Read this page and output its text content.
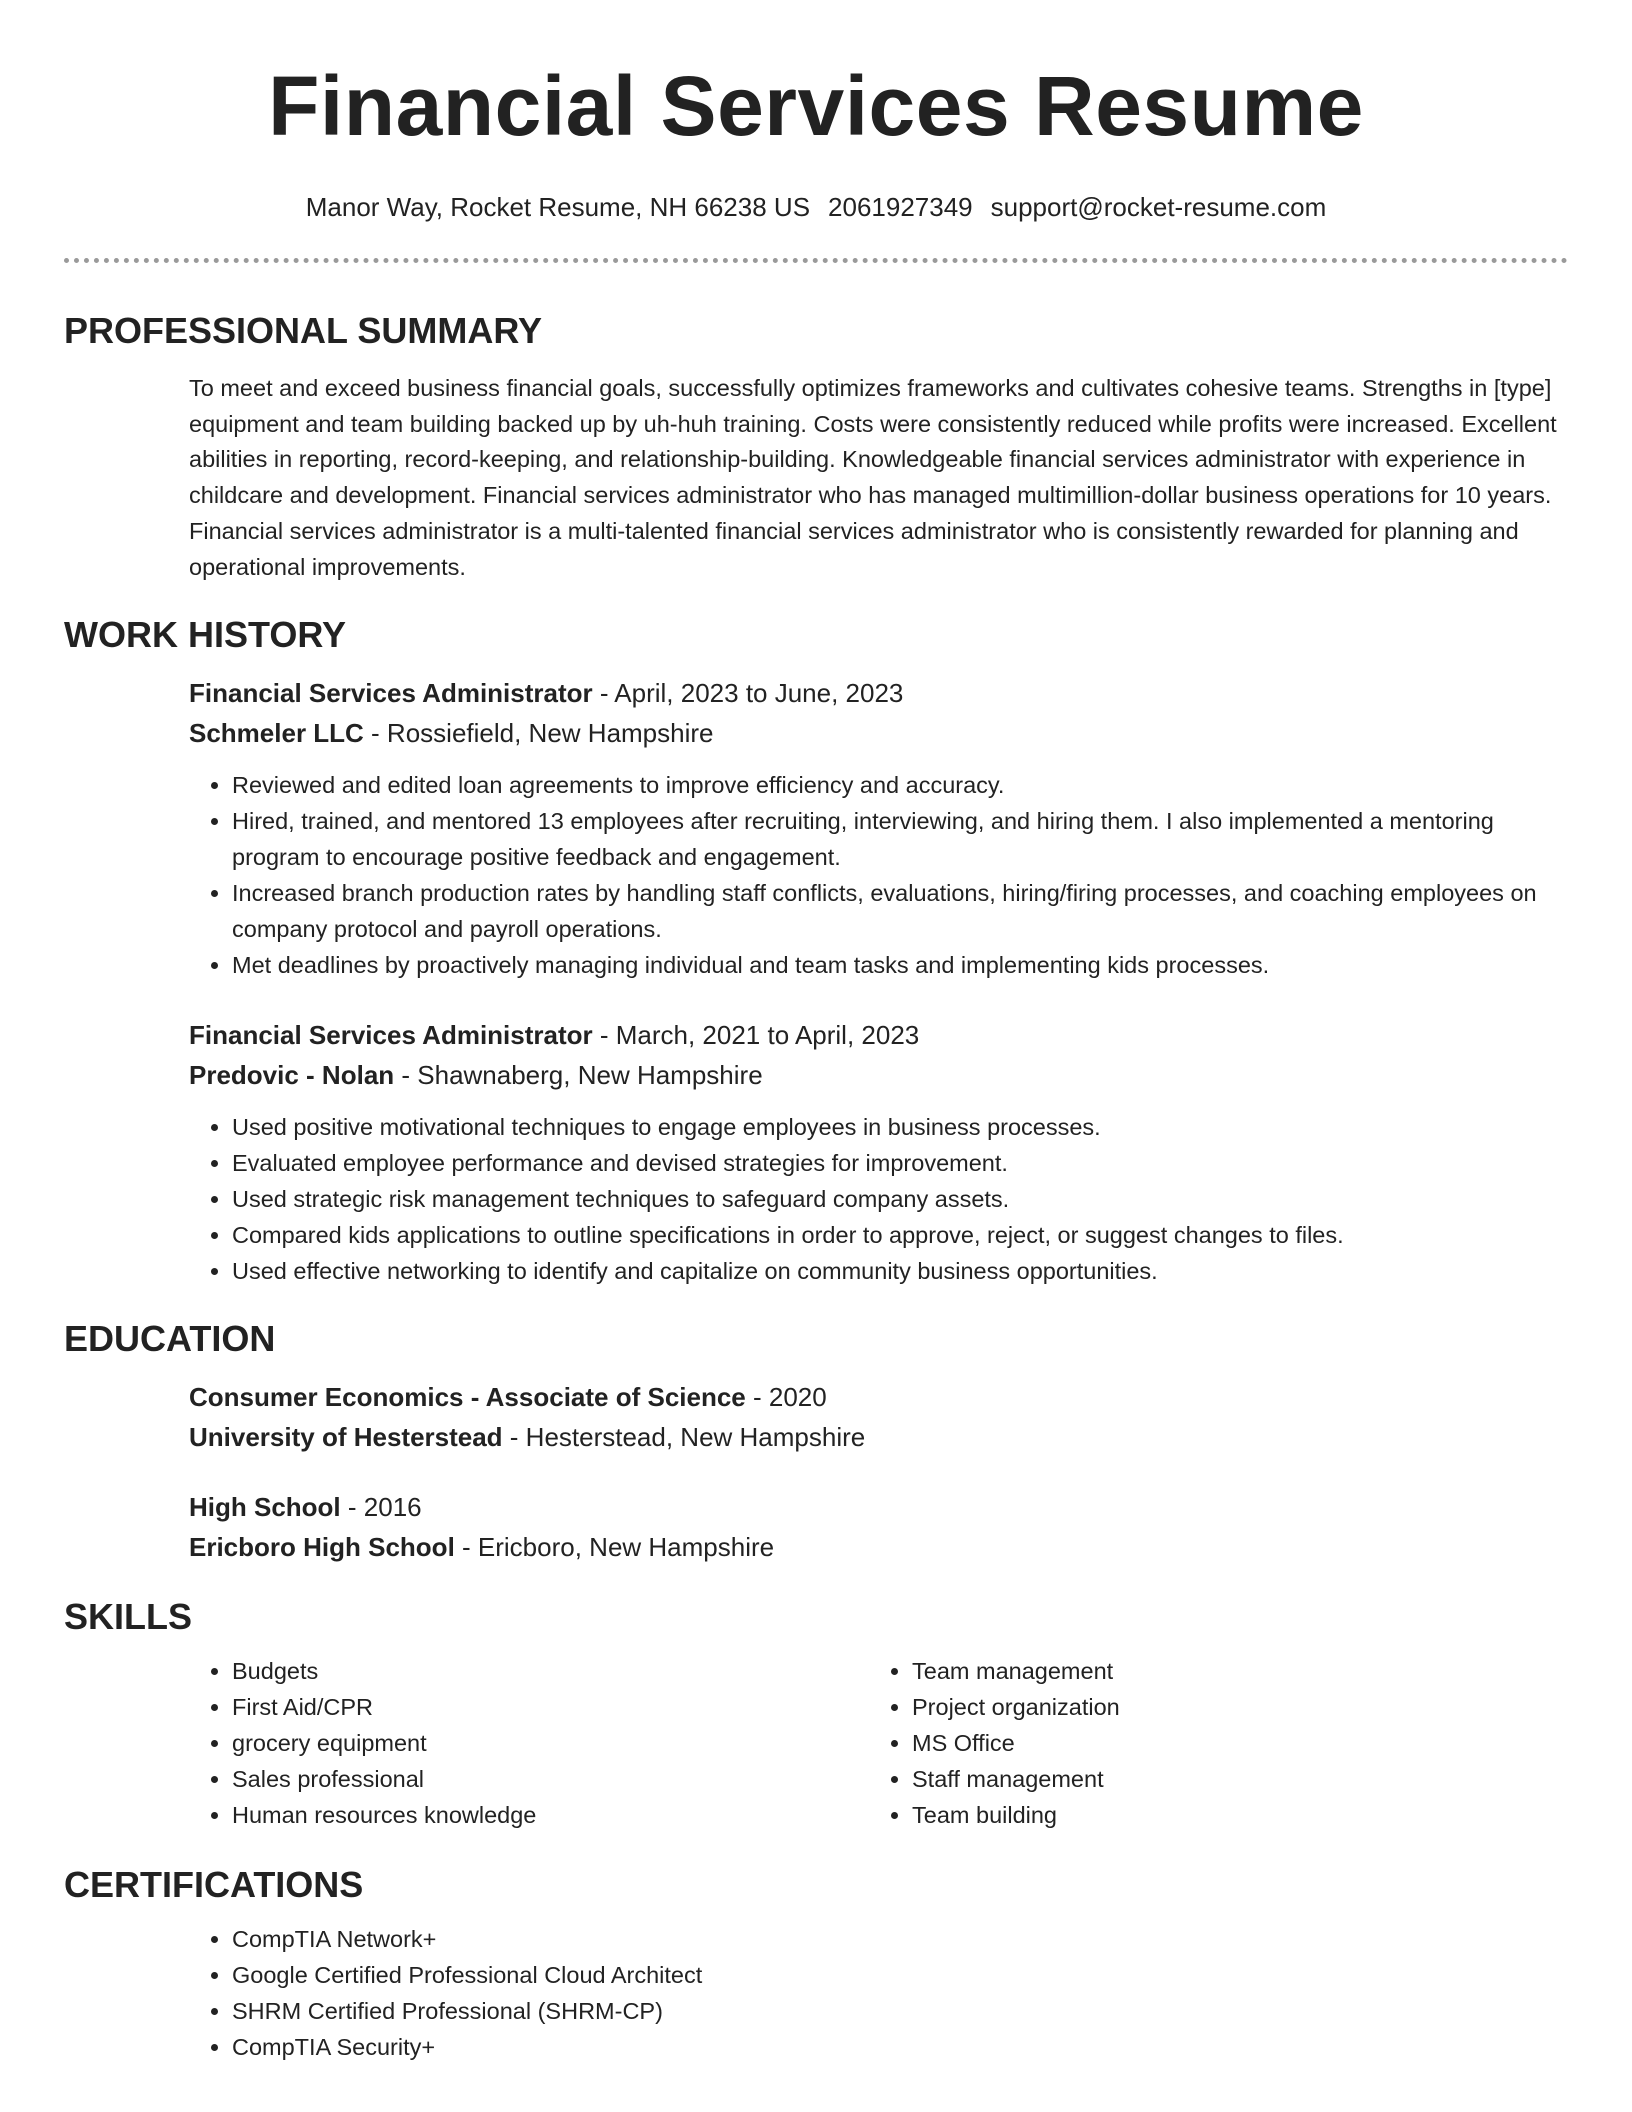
Financial Services Resume
Manor Way, Rocket Resume, NH 66238 US 2061927349 support@rocket-resume.com
PROFESSIONAL SUMMARY

To meet and exceed business financial goals, successfully optimizes frameworks and cultivates cohesive teams. Strengths in [type] equipment and team building backed up by uh-huh training. Costs were consistently reduced while profits were increased. Excellent abilities in reporting, record-keeping, and relationship-building. Knowledgeable financial services administrator with experience in childcare and development. Financial services administrator who has managed multimillion-dollar business operations for 10 years. Financial services administrator is a multi-talented financial services administrator who is consistently rewarded for planning and operational improvements.

WORK HISTORY
Financial Services Administrator - April, 2023 to June, 2023
Schmeler LLC - Rossiefield, New Hampshire
• Reviewed and edited loan agreements to improve efficiency and accuracy.
• Hired, trained, and mentored 13 employees after recruiting, interviewing, and hiring them. I also implemented a mentoring program to encourage positive feedback and engagement.
• Increased branch production rates by handling staff conflicts, evaluations, hiring/firing processes, and coaching employees on company protocol and payroll operations.
• Met deadlines by proactively managing individual and team tasks and implementing kids processes.
Financial Services Administrator - March, 2021 to April, 2023
Predovic - Nolan - Shawnaberg, New Hampshire
• Used positive motivational techniques to engage employees in business processes.
• Evaluated employee performance and devised strategies for improvement.
• Used strategic risk management techniques to safeguard company assets.
• Compared kids applications to outline specifications in order to approve, reject, or suggest changes to files.
• Used effective networking to identify and capitalize on community business opportunities.
EDUCATION
Consumer Economics - Associate of Science - 2020
University of Hesterstead - Hesterstead, New Hampshire
High School - 2016
Ericboro High School - Ericboro, New Hampshire
SKILLS
• Budgets
• First Aid/CPR
• grocery equipment
• Sales professional
• Human resources knowledge
• Team management
• Project organization
• MS Office
• Staff management
• Team building
CERTIFICATIONS
• CompTIA Network+
• Google Certified Professional Cloud Architect
• SHRM Certified Professional (SHRM-CP)
• CompTIA Security+
